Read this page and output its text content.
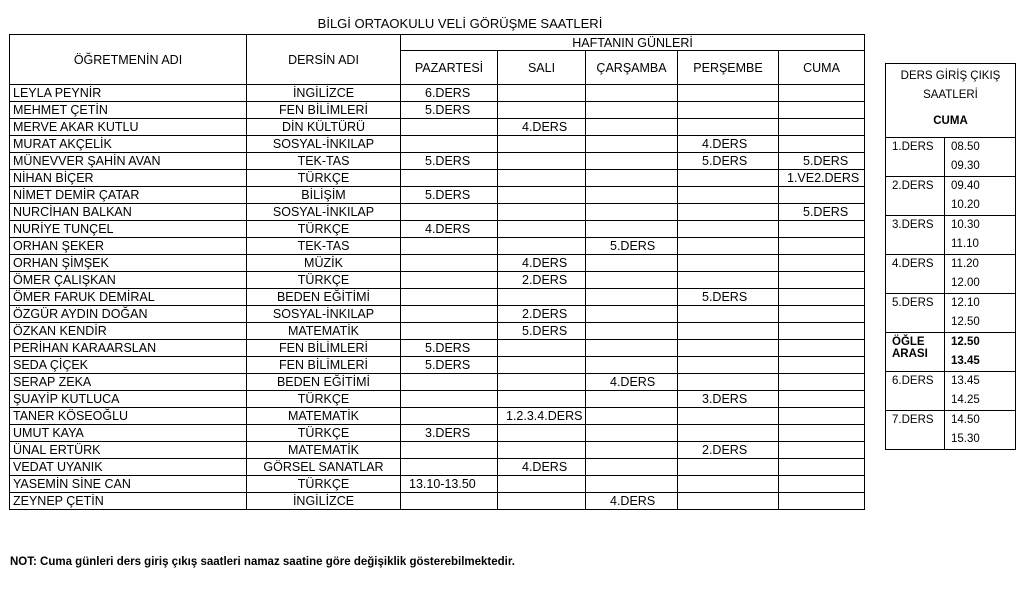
BİLGİ ORTAOKULU VELİ GÖRÜŞME SAATLERİ
ÖĞRETMENİN ADI	DERSİN ADI	HAFTANIN GÜNLERİ				
		PAZARTESİ	SALI	ÇARŞAMBA	PERŞEMBE	CUMA
LEYLA PEYNİR	İNGİLİZCE	6.DERS				
MEHMET ÇETİN	FEN BİLİMLERİ	5.DERS				
MERVE AKAR KUTLU	DİN KÜLTÜRÜ		4.DERS			
MURAT AKÇELİK	SOSYAL-İNKILAP				4.DERS	
MÜNEVVER ŞAHİN AVAN	TEK-TAS	5.DERS			5.DERS	5.DERS
NİHAN BİÇER	TÜRKÇE					1.VE2.DERS
NİMET DEMİR ÇATAR	BİLİŞİM	5.DERS				
NURCİHAN BALKAN	SOSYAL-İNKILAP					5.DERS
NURİYE TUNÇEL	TÜRKÇE	4.DERS				
ORHAN ŞEKER	TEK-TAS			5.DERS		
ORHAN ŞİMŞEK	MÜZİK		4.DERS			
ÖMER ÇALIŞKAN	TÜRKÇE		2.DERS			
ÖMER FARUK DEMİRAL	BEDEN EĞİTİMİ				5.DERS	
ÖZGÜR AYDIN DOĞAN	SOSYAL-İNKILAP		2.DERS			
ÖZKAN KENDİR	MATEMATİK		5.DERS			
PERİHAN KARAARSLAN	FEN BİLİMLERİ	5.DERS				
SEDA ÇİÇEK	FEN BİLİMLERİ	5.DERS				
SERAP ZEKA	BEDEN EĞİTİMİ			4.DERS		
ŞUAYİP KUTLUCA	TÜRKÇE				3.DERS	
TANER KÖSEOĞLU	MATEMATİK		1.2.3.4.DERS			
UMUT KAYA	TÜRKÇE	3.DERS				
ÜNAL ERTÜRK	MATEMATİK				2.DERS	
VEDAT UYANIK	GÖRSEL SANATLAR		4.DERS			
YASEMİN SİNE CAN	TÜRKÇE	13.10-13.50				
ZEYNEP ÇETİN	İNGİLİZCE			4.DERS		
DERS GİRİŞ ÇIKIŞ SAATLERİ	
CUMA	
1.DERS	08.50
	09.30
2.DERS	09.40
	10.20
3.DERS	10.30
	11.10
4.DERS	11.20
	12.00
5.DERS	12.10
	12.50
ÖĞLE ARASI	12.50
	13.45
6.DERS	13.45
	14.25
7.DERS	14.50
	15.30
NOT: Cuma günleri ders giriş çıkış saatleri namaz saatine göre değişiklik gösterebilmektedir.
